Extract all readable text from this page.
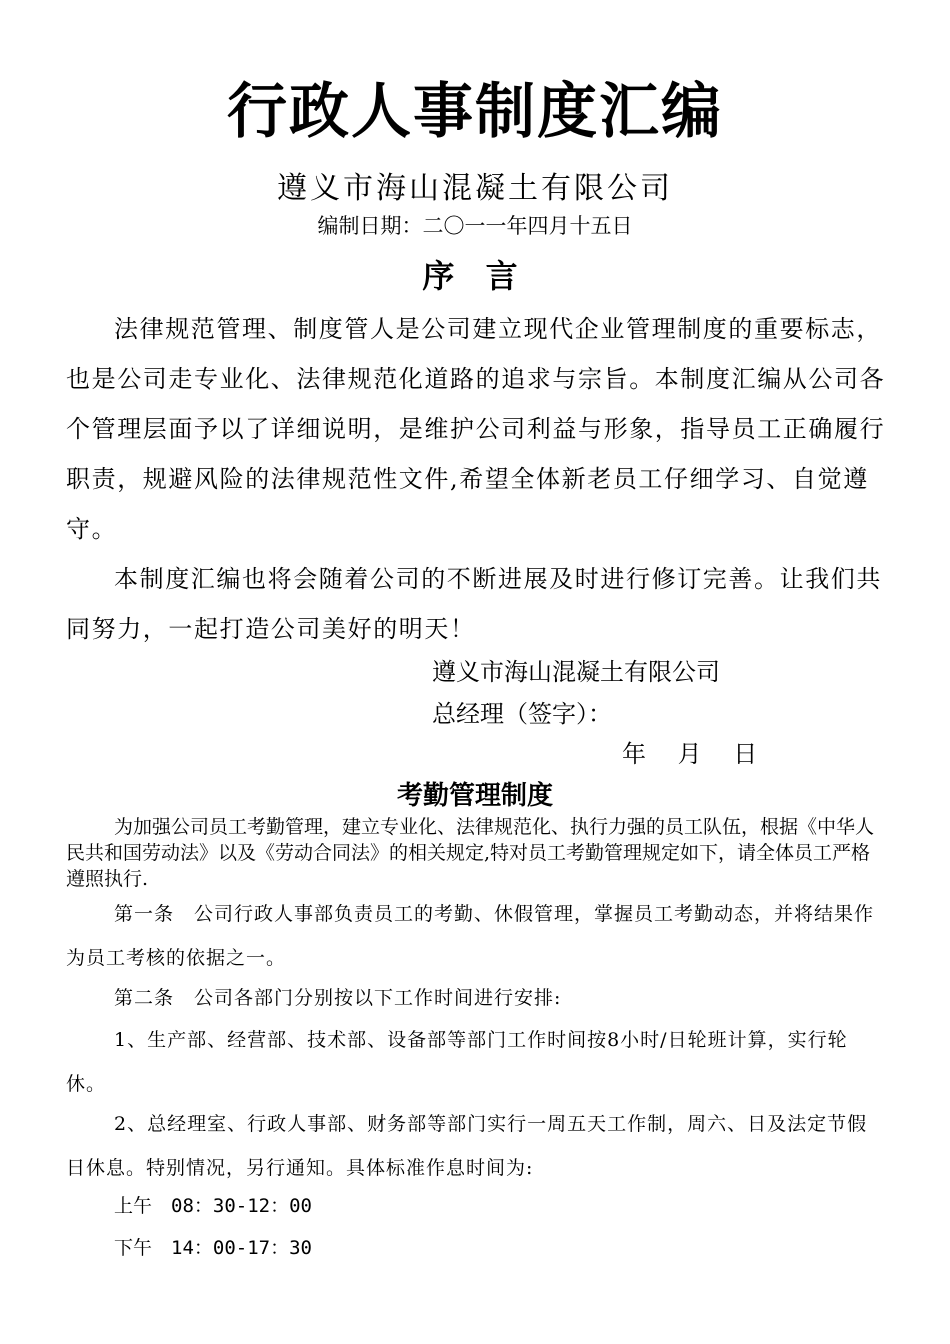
行政人事制度汇编
遵义市海山混凝土有限公司
编制日期：二〇一一年四月十五日
序 言

法律规范管理、制度管人是公司建立现代企业管理制度的重要标志，也是公司走专业化、法律规范化道路的追求与宗旨。本制度汇编从公司各个管理层面予以了详细说明，是维护公司利益与形象，指导员工正确履行职责，规避风险的法律规范性文件,希望全体新老员工仔细学习、自觉遵守。

本制度汇编也将会随着公司的不断进展及时进行修订完善。让我们共同努力，一起打造公司美好的明天！

遵义市海山混凝土有限公司
总经理（签字）：
年 月 日
考勤管理制度

为加强公司员工考勤管理，建立专业化、法律规范化、执行力强的员工队伍，根据《中华人民共和国劳动法》以及《劳动合同法》的相关规定,特对员工考勤管理规定如下，请全体员工严格遵照执行.

第一条　公司行政人事部负责员工的考勤、休假管理，掌握员工考勤动态，并将结果作为员工考核的依据之一。

第二条　公司各部门分别按以下工作时间进行安排:

1、生产部、经营部、技术部、设备部等部门工作时间按8小时/日轮班计算，实行轮休。

2、总经理室、行政人事部、财务部等部门实行一周五天工作制，周六、日及法定节假日休息。特别情况，另行通知。具体标准作息时间为:

上午　08：30-12：00
下午　14：00-17：30
